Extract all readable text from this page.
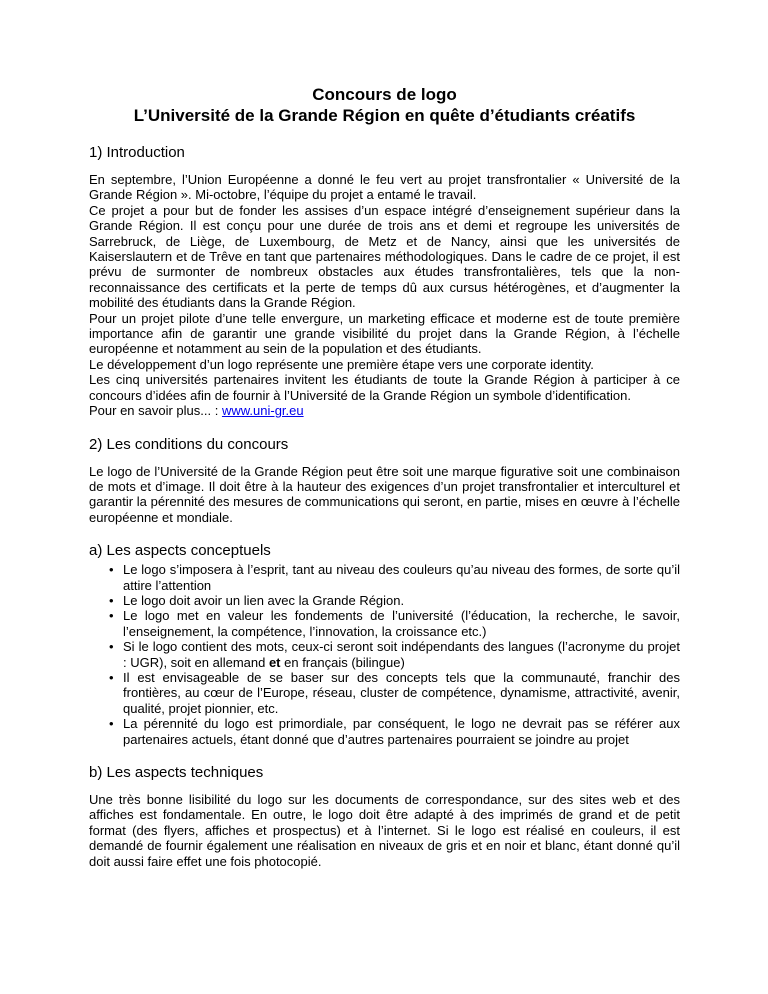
Concours de logo
L’Université de la Grande Région en quête d’étudiants créatifs
1) Introduction

En septembre, l’Union Européenne a donné le feu vert au projet transfrontalier « Université de la Grande Région ». Mi-octobre, l’équipe du projet a entamé le travail.

Ce projet a pour but de fonder les assises d’un espace intégré d’enseignement supérieur dans la Grande Région. Il est conçu pour une durée de trois ans et demi et regroupe les universités de Sarrebruck, de Liège, de Luxembourg, de Metz et de Nancy, ainsi que les universités de Kaiserslautern et de Trêve en tant que partenaires méthodologiques. Dans le cadre de ce projet, il est prévu de surmonter de nombreux obstacles aux études transfrontalières, tels que la non-reconnaissance des certificats et la perte de temps dû aux cursus hétérogènes, et d’augmenter la mobilité des étudiants dans la Grande Région.

Pour un projet pilote d’une telle envergure, un marketing efficace et moderne est de toute première importance afin de garantir une grande visibilité du projet dans la Grande Région, à l’échelle européenne et notamment au sein de la population et des étudiants.

Le développement d’un logo représente une première étape vers une corporate identity.

Les cinq universités partenaires invitent les étudiants de toute la Grande Région à participer à ce concours d’idées afin de fournir à l’Université de la Grande Région un symbole d’identification.

Pour en savoir plus... : www.uni-gr.eu

2) Les conditions du concours

Le logo de l’Université de la Grande Région peut être soit une marque figurative soit une combinaison de mots et d’image. Il doit être à la hauteur des exigences d’un projet transfrontalier et interculturel et garantir la pérennité des mesures de communications qui seront, en partie, mises en œuvre à l’échelle européenne et mondiale.

a) Les aspects conceptuels
• Le logo s’imposera à l’esprit, tant au niveau des couleurs qu’au niveau des formes, de sorte qu’il attire l’attention
• Le logo doit avoir un lien avec la Grande Région.
• Le logo met en valeur les fondements de l’université (l’éducation, la recherche, le savoir, l’enseignement, la compétence, l’innovation, la croissance etc.)
• Si le logo contient des mots, ceux-ci seront soit indépendants des langues (l’acronyme du projet : UGR), soit en allemand et en français (bilingue)
• Il est envisageable de se baser sur des concepts tels que la communauté, franchir des frontières, au cœur de l’Europe, réseau, cluster de compétence, dynamisme, attractivité, avenir, qualité, projet pionnier, etc.
• La pérennité du logo est primordiale, par conséquent, le logo ne devrait pas se référer aux partenaires actuels, étant donné que d’autres partenaires pourraient se joindre au projet
b) Les aspects techniques

Une très bonne lisibilité du logo sur les documents de correspondance, sur des sites web et des affiches est fondamentale. En outre, le logo doit être adapté à des imprimés de grand et de petit format (des flyers, affiches et prospectus) et à l’internet. Si le logo est réalisé en couleurs, il est demandé de fournir également une réalisation en niveaux de gris et en noir et blanc, étant donné qu’il doit aussi faire effet une fois photocopié.
